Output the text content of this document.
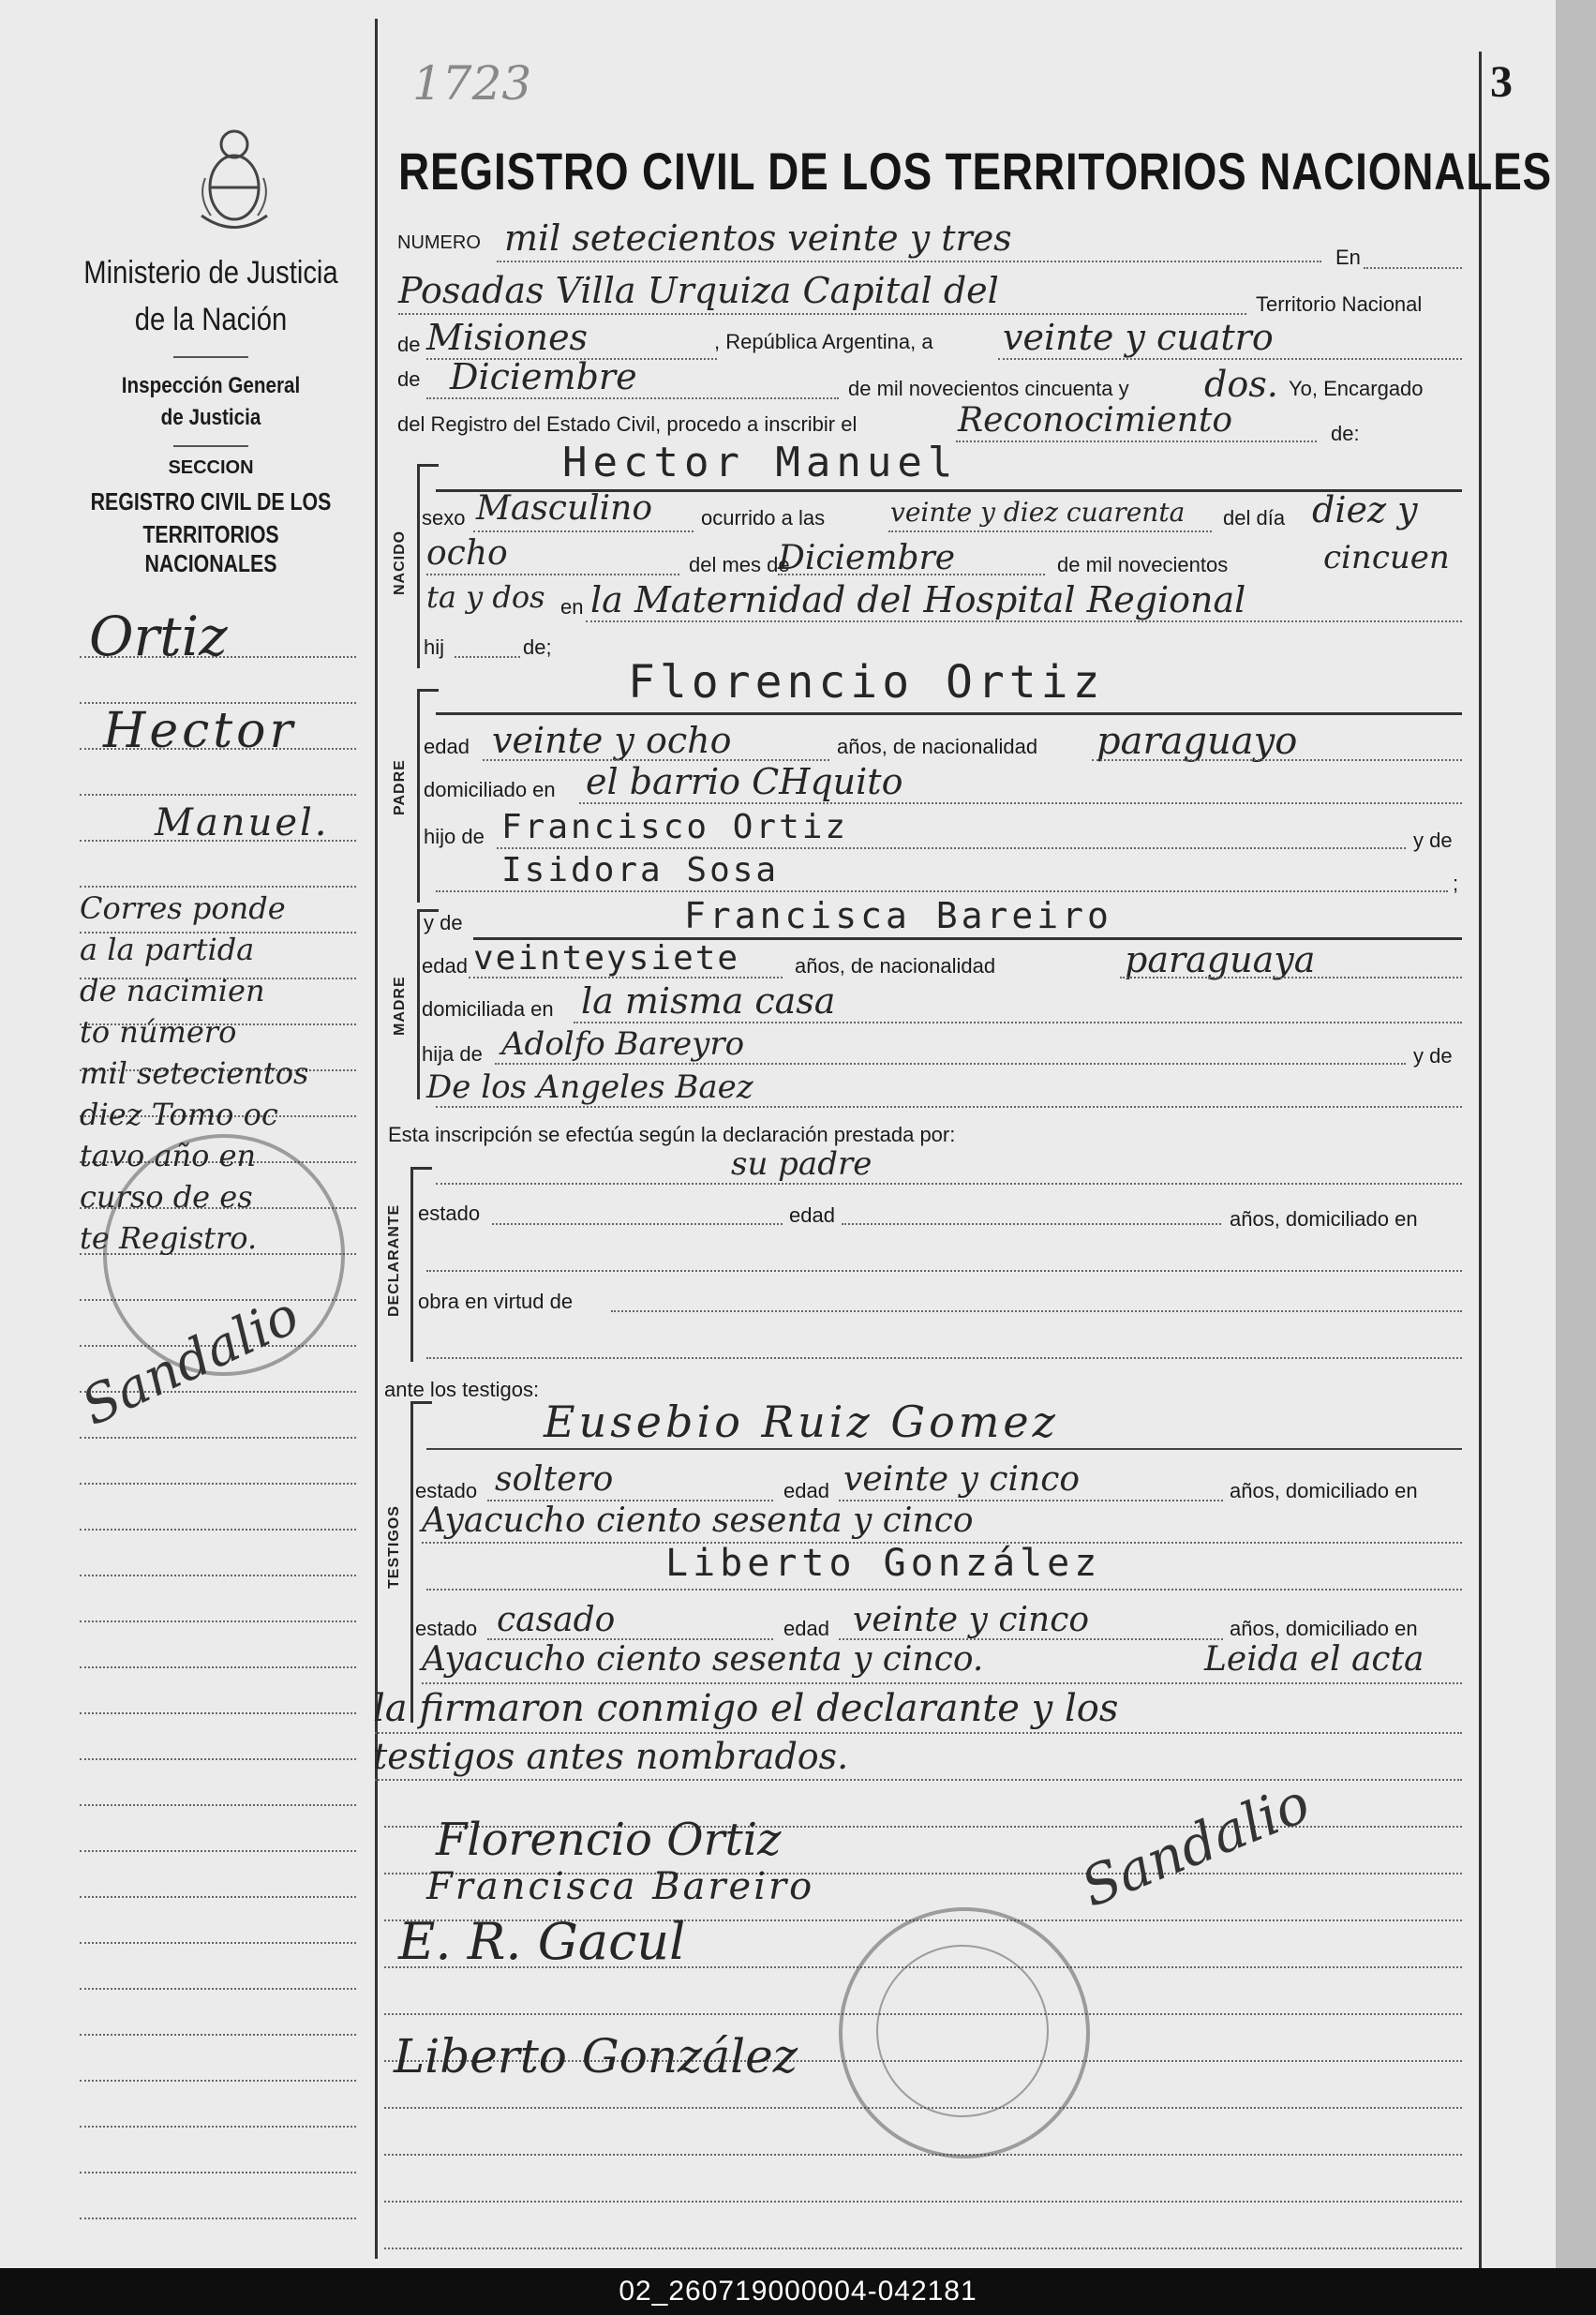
3
1723
Ministerio de Justicia
de la Nación
Inspección General
de Justicia
SECCION
REGISTRO CIVIL DE LOS
TERRITORIOS NACIONALES
Ortiz
Hector
Manuel.
Corres ponde
a la partida
de nacimien
to número
mil setecientos
diez Tomo oc
tavo año en
curso de es
te Registro.
Sandalio
REGISTRO CIVIL DE LOS TERRITORIOS NACIONALES
NUMERO mil setecientos veinte y tres	En
Posadas Villa Urquiza Capital del	Territorio Nacional
de Misiones	, República Argentina, a veinte y cuatro
de Diciembre	de mil novecientos cincuenta y dos. Yo, Encargado
del Registro del Estado Civil, procedo a inscribir el	Reconocimiento	de:
NACIDO
Hector Manuel
sexo Masculino ocurrido a las veinte y diez cuarenta del día diez y
ocho	del mes de
Diciembre	de mil novecientos	cincuen
ta y dos en la Maternidad del Hospital Regional
hij	de;
PADRE
Florencio Ortiz
edad veinte y ocho	años, de nacionalidad paraguayo
domiciliado en el barrio CHquito
hijo de Francisco Ortiz	y de
Isidora Sosa	;
MADRE
y de	Francisca Bareiro
edad veinteysiete	años, de nacionalidad	paraguaya
domiciliada en la misma casa
hija de Adolfo Bareyro	y de
De los Angeles Baez
Esta inscripción se efectúa según la declaración prestada por:
su padre
DECLARANTE estado	edad	años, domiciliado en
obra en virtud de
ante los testigos:
TESTIGOS
Eusebio Ruiz Gomez
estado soltero	edad veinte y cinco	años, domiciliado en
Ayacucho ciento sesenta y cinco
Liberto González
estado casado	edad veinte y cinco	años, domiciliado en
Ayacucho ciento sesenta y cinco.	Leida el acta
la firmaron conmigo el declarante y los
testigos antes nombrados.
Florencio Ortiz
Francisca Bareiro
E. R. Gacul
Liberto González
Sandalio
02_260719000004-042181
